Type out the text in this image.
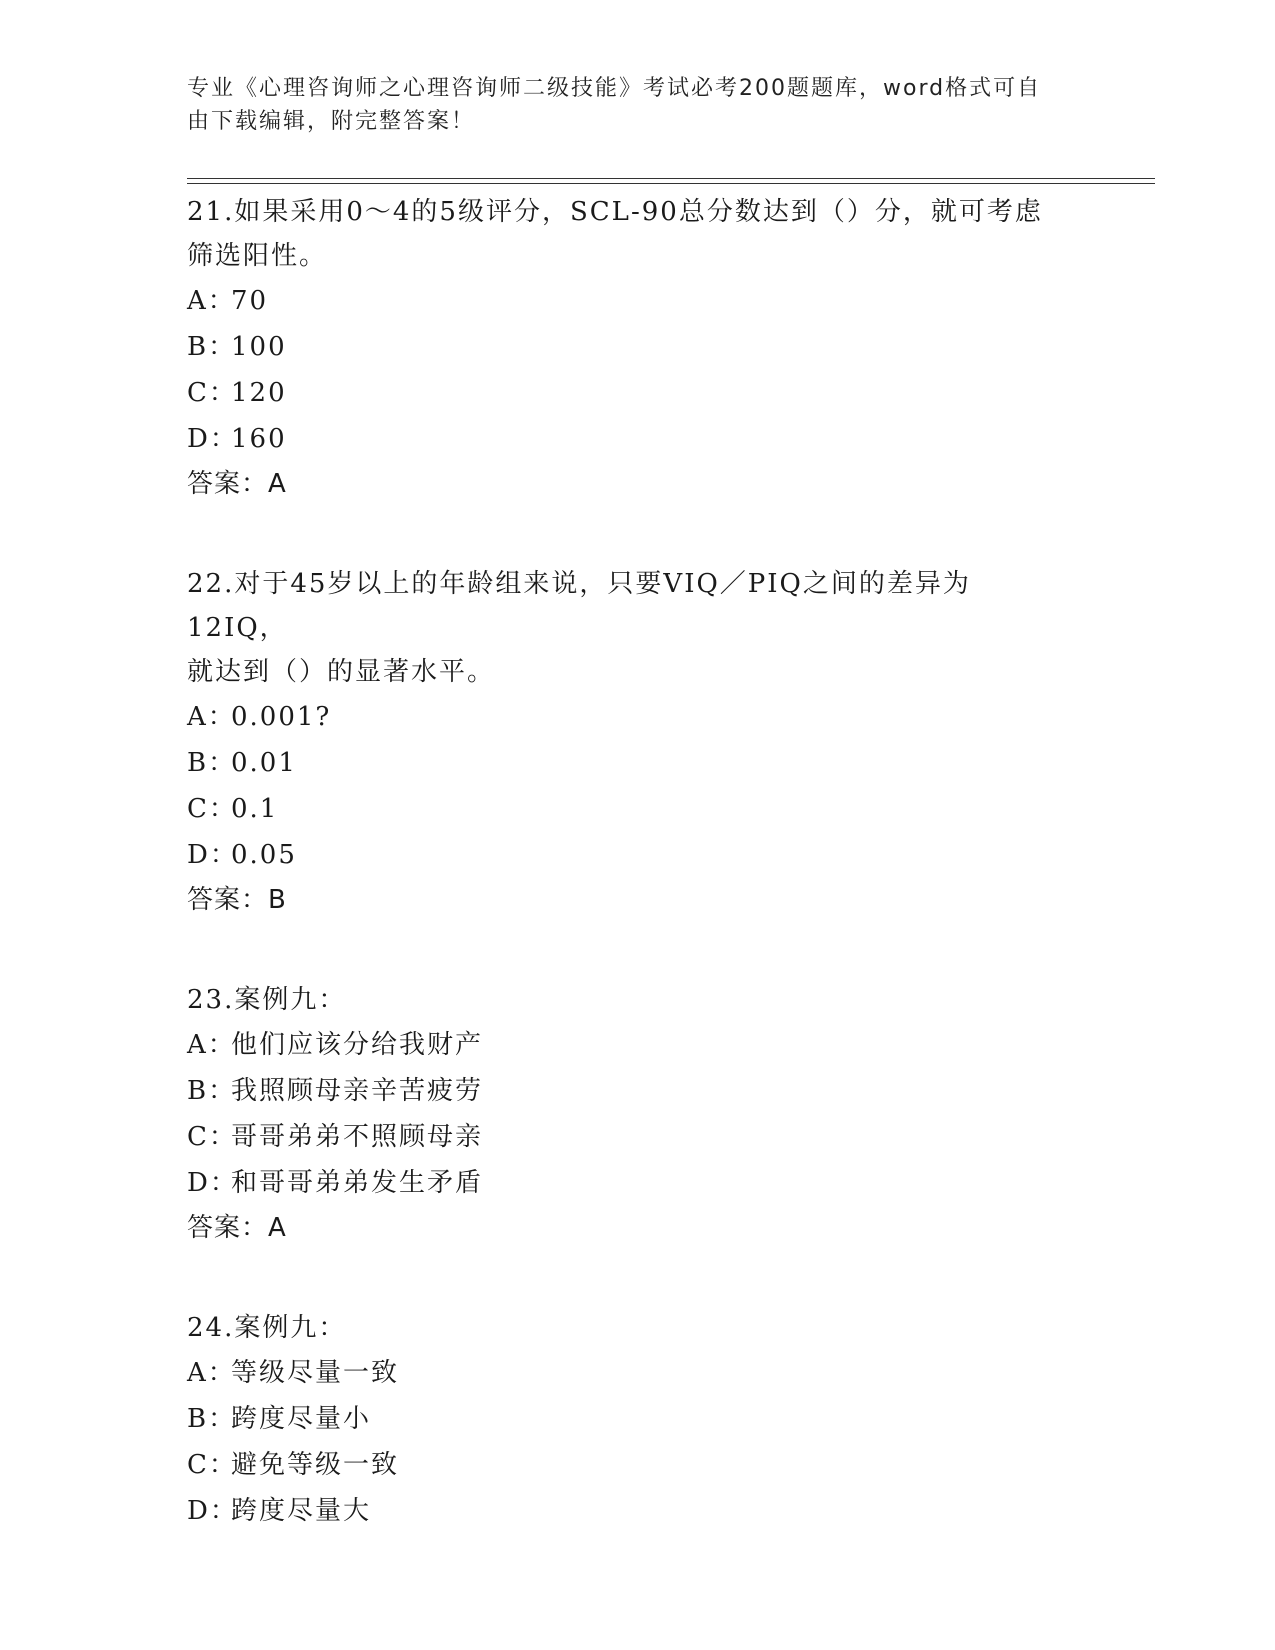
专业《心理咨询师之心理咨询师二级技能》考试必考200题题库，word格式可自
由下载编辑，附完整答案！
21.如果采用0～4的5级评分，SCL-90总分数达到（）分，就可考虑
筛选阳性。
A：70
B：100
C：120
D：160
答案：A
22.对于45岁以上的年龄组来说，只要VIQ／PIQ之间的差异为12IQ，
就达到（）的显著水平。
A：0.001?
B：0.01
C：0.1
D：0.05
答案：B
23.案例九：
A：他们应该分给我财产
B：我照顾母亲辛苦疲劳
C：哥哥弟弟不照顾母亲
D：和哥哥弟弟发生矛盾
答案：A
24.案例九：
A：等级尽量一致
B：跨度尽量小
C：避免等级一致
D：跨度尽量大
